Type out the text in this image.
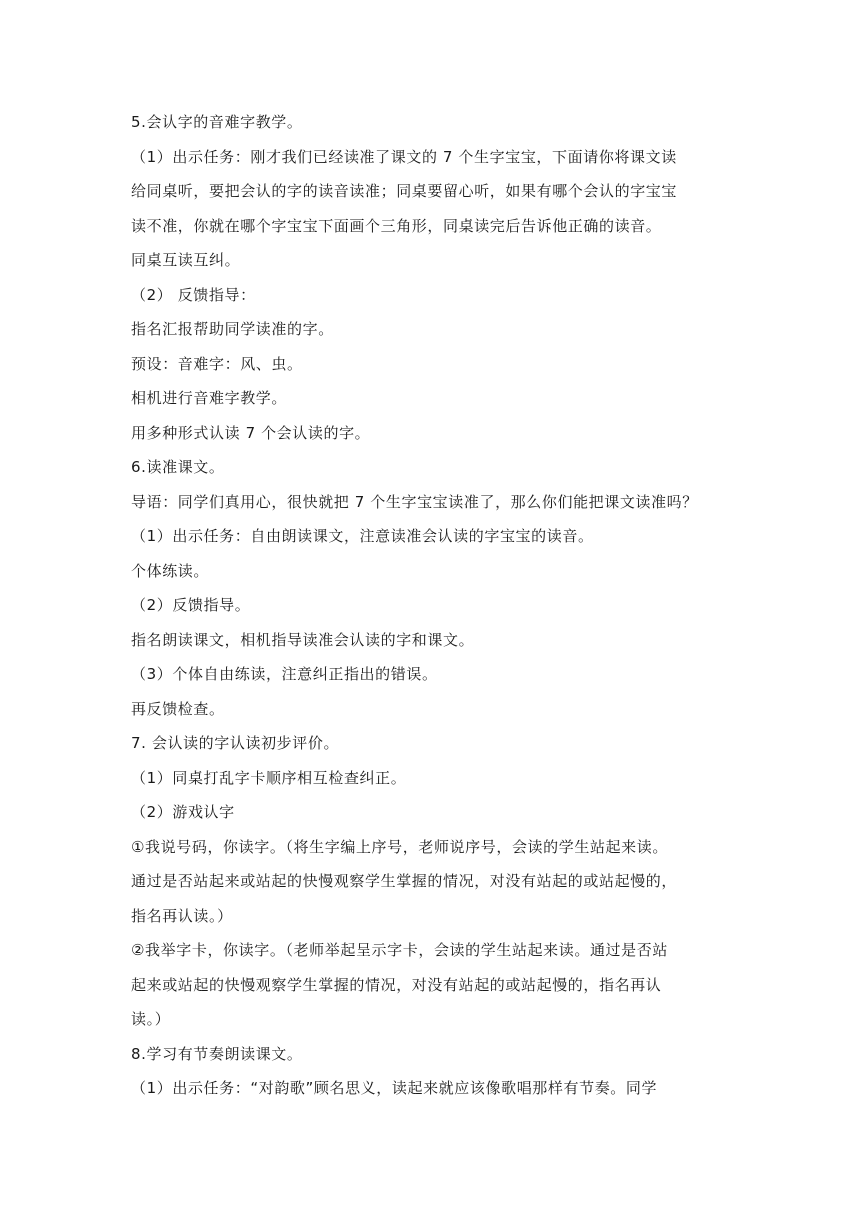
5.会认字的音难字教学。
（1）出示任务：刚才我们已经读准了课文的 7 个生字宝宝，下面请你将课文读
给同桌听，要把会认的字的读音读准；同桌要留心听，如果有哪个会认的字宝宝
读不准，你就在哪个字宝宝下面画个三角形，同桌读完后告诉他正确的读音。
同桌互读互纠。
（2） 反馈指导：
指名汇报帮助同学读准的字。
预设：音难字：风、虫。
相机进行音难字教学。
用多种形式认读 7 个会认读的字。
6.读准课文。
导语：同学们真用心，很快就把 7 个生字宝宝读准了，那么你们能把课文读准吗？
（1）出示任务：自由朗读课文，注意读准会认读的字宝宝的读音。
个体练读。
（2）反馈指导。
指名朗读课文，相机指导读准会认读的字和课文。
（3）个体自由练读，注意纠正指出的错误。
再反馈检查。
7. 会认读的字认读初步评价。
（1）同桌打乱字卡顺序相互检查纠正。
（2）游戏认字
①我说号码，你读字。（将生字编上序号，老师说序号，会读的学生站起来读。
通过是否站起来或站起的快慢观察学生掌握的情况，对没有站起的或站起慢的，
指名再认读。）
②我举字卡，你读字。（老师举起呈示字卡，会读的学生站起来读。通过是否站
起来或站起的快慢观察学生掌握的情况，对没有站起的或站起慢的，指名再认
读。）
8.学习有节奏朗读课文。
（1）出示任务：“对韵歌”顾名思义，读起来就应该像歌唱那样有节奏。同学
